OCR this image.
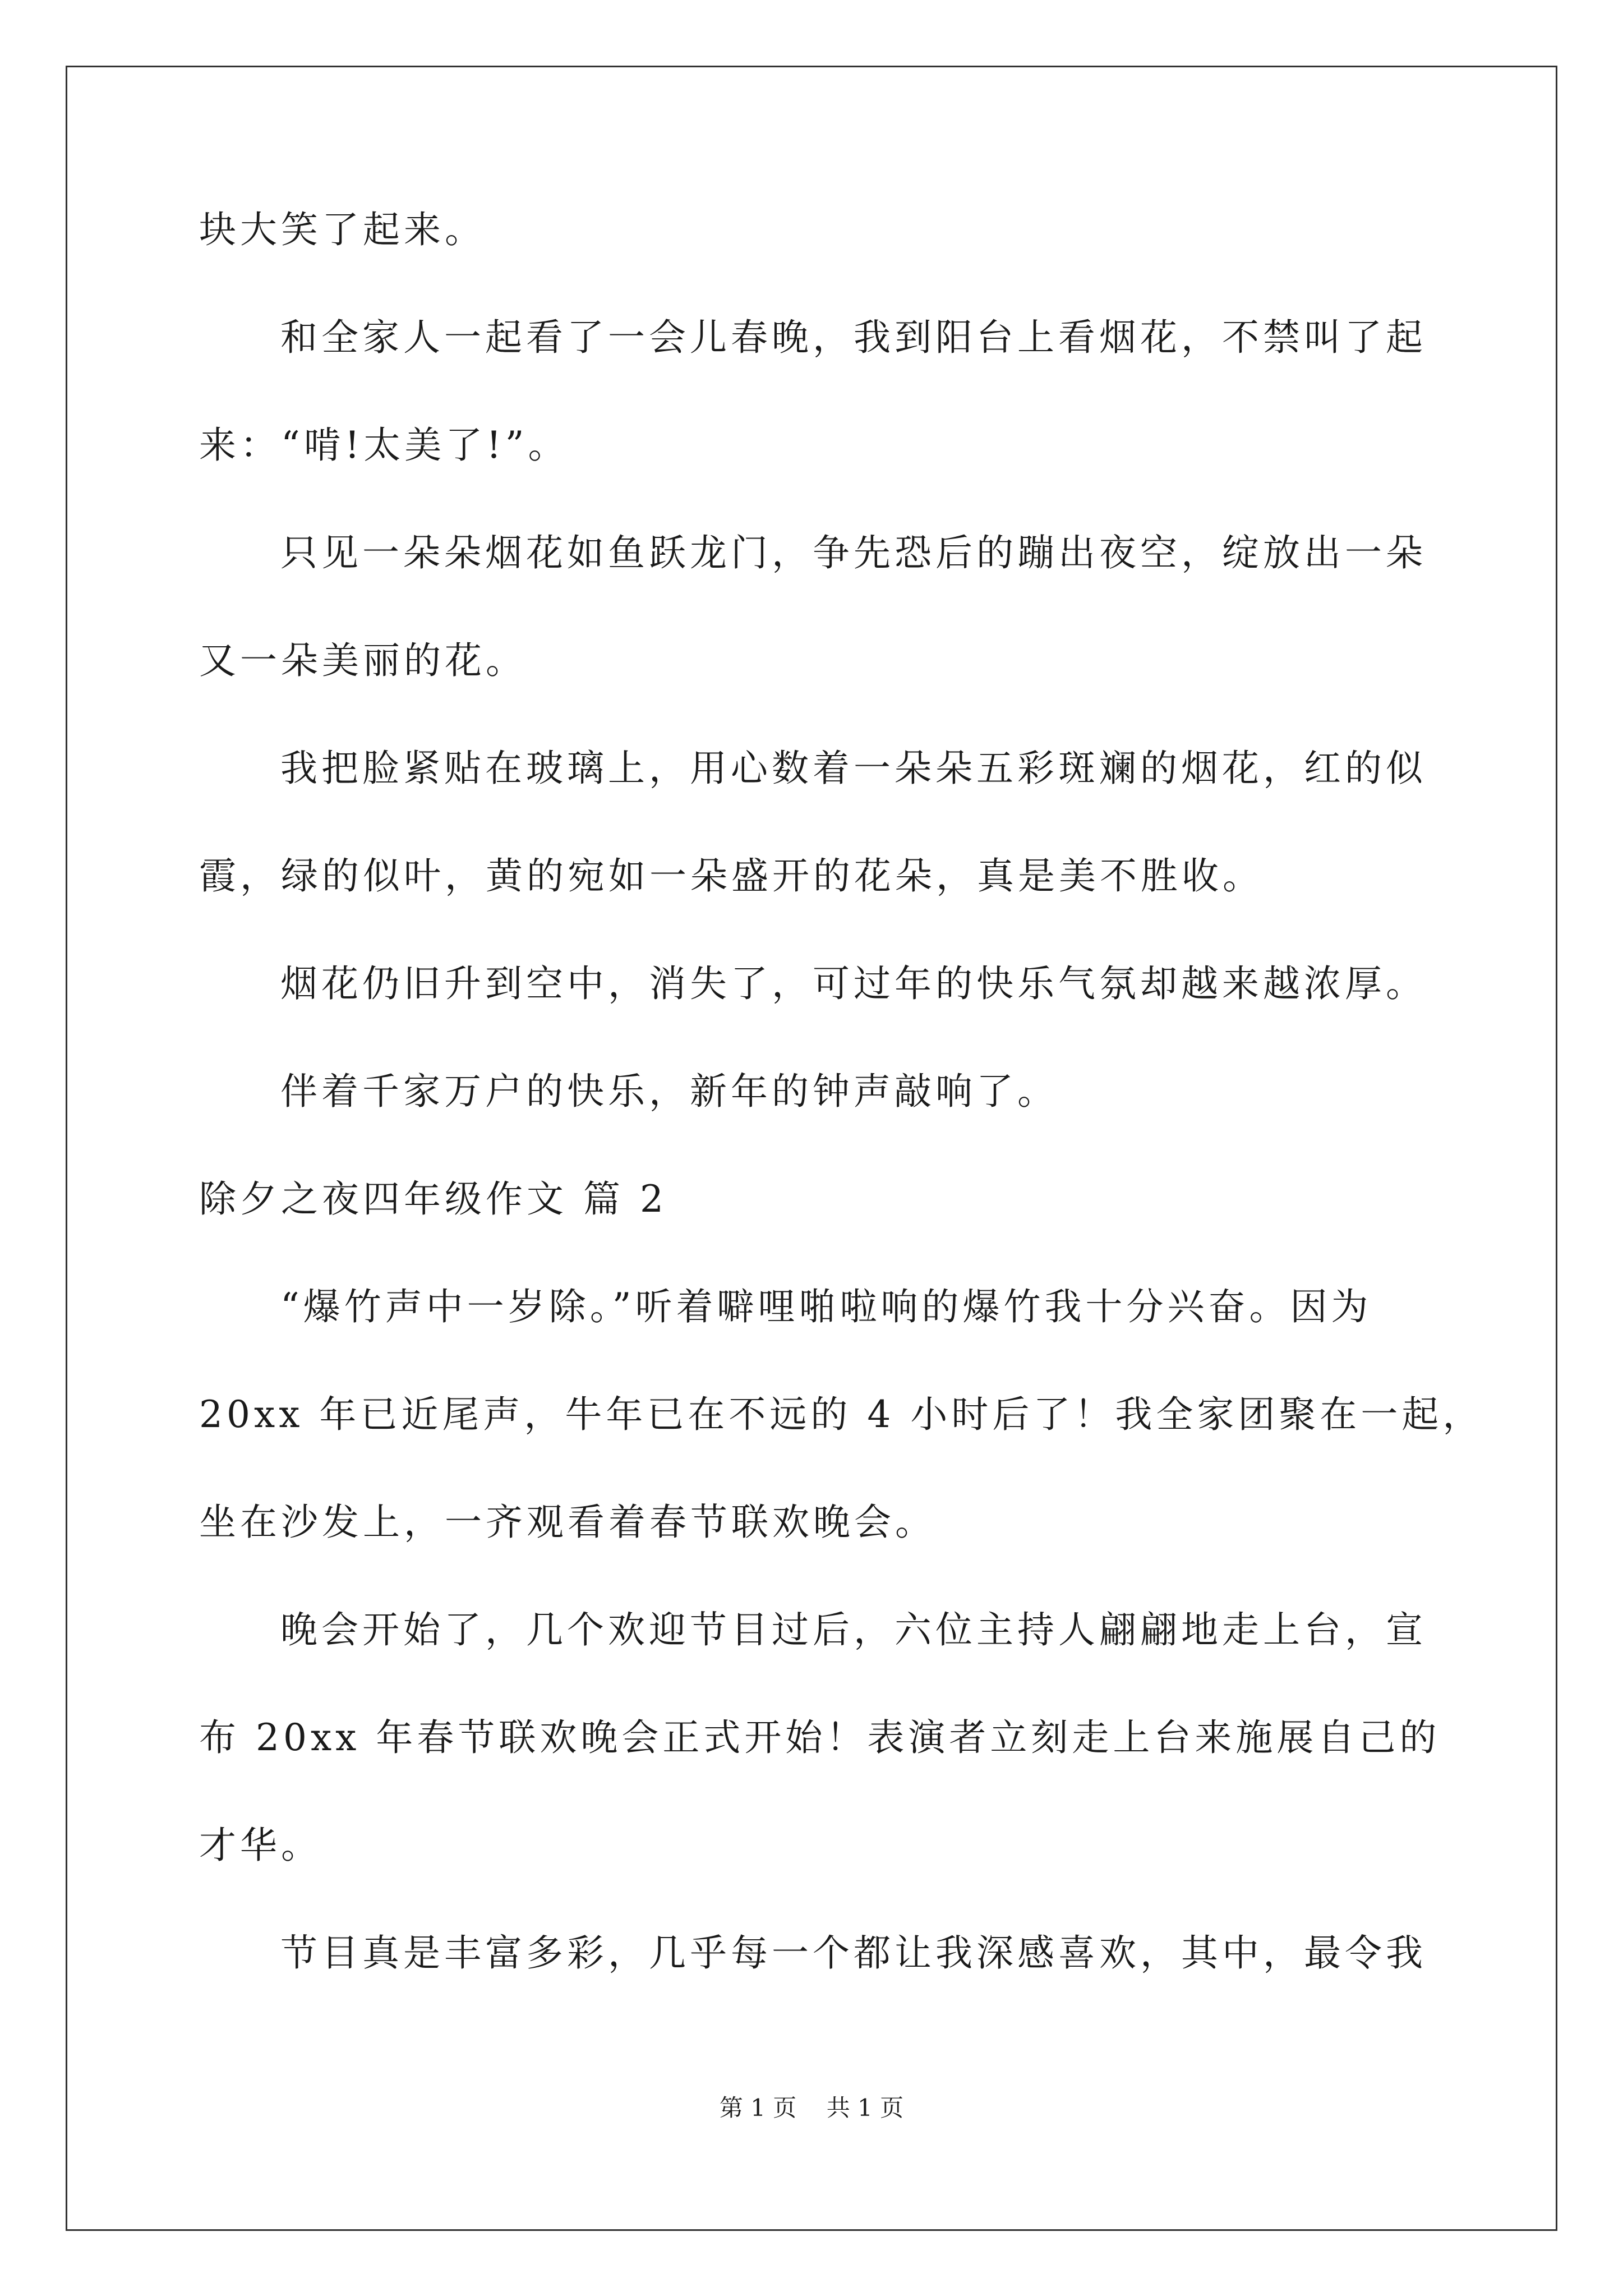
块大笑了起来。
和全家人一起看了一会儿春晚，我到阳台上看烟花，不禁叫了起
来：“啃!太美了!”。
只见一朵朵烟花如鱼跃龙门，争先恐后的蹦出夜空，绽放出一朵
又一朵美丽的花。
我把脸紧贴在玻璃上，用心数着一朵朵五彩斑斓的烟花，红的似
霞，绿的似叶，黄的宛如一朵盛开的花朵，真是美不胜收。
烟花仍旧升到空中，消失了，可过年的快乐气氛却越来越浓厚。
伴着千家万户的快乐，新年的钟声敲响了。
除夕之夜四年级作文 篇 2
“爆竹声中一岁除。”听着噼哩啪啦响的爆竹我十分兴奋。因为
20xx 年已近尾声，牛年已在不远的 4 小时后了！我全家团聚在一起，
坐在沙发上，一齐观看着春节联欢晚会。
晚会开始了，几个欢迎节目过后，六位主持人翩翩地走上台，宣
布 20xx 年春节联欢晚会正式开始！表演者立刻走上台来施展自己的
才华。
节目真是丰富多彩，几乎每一个都让我深感喜欢，其中，最令我
第 1 页    共 1 页
